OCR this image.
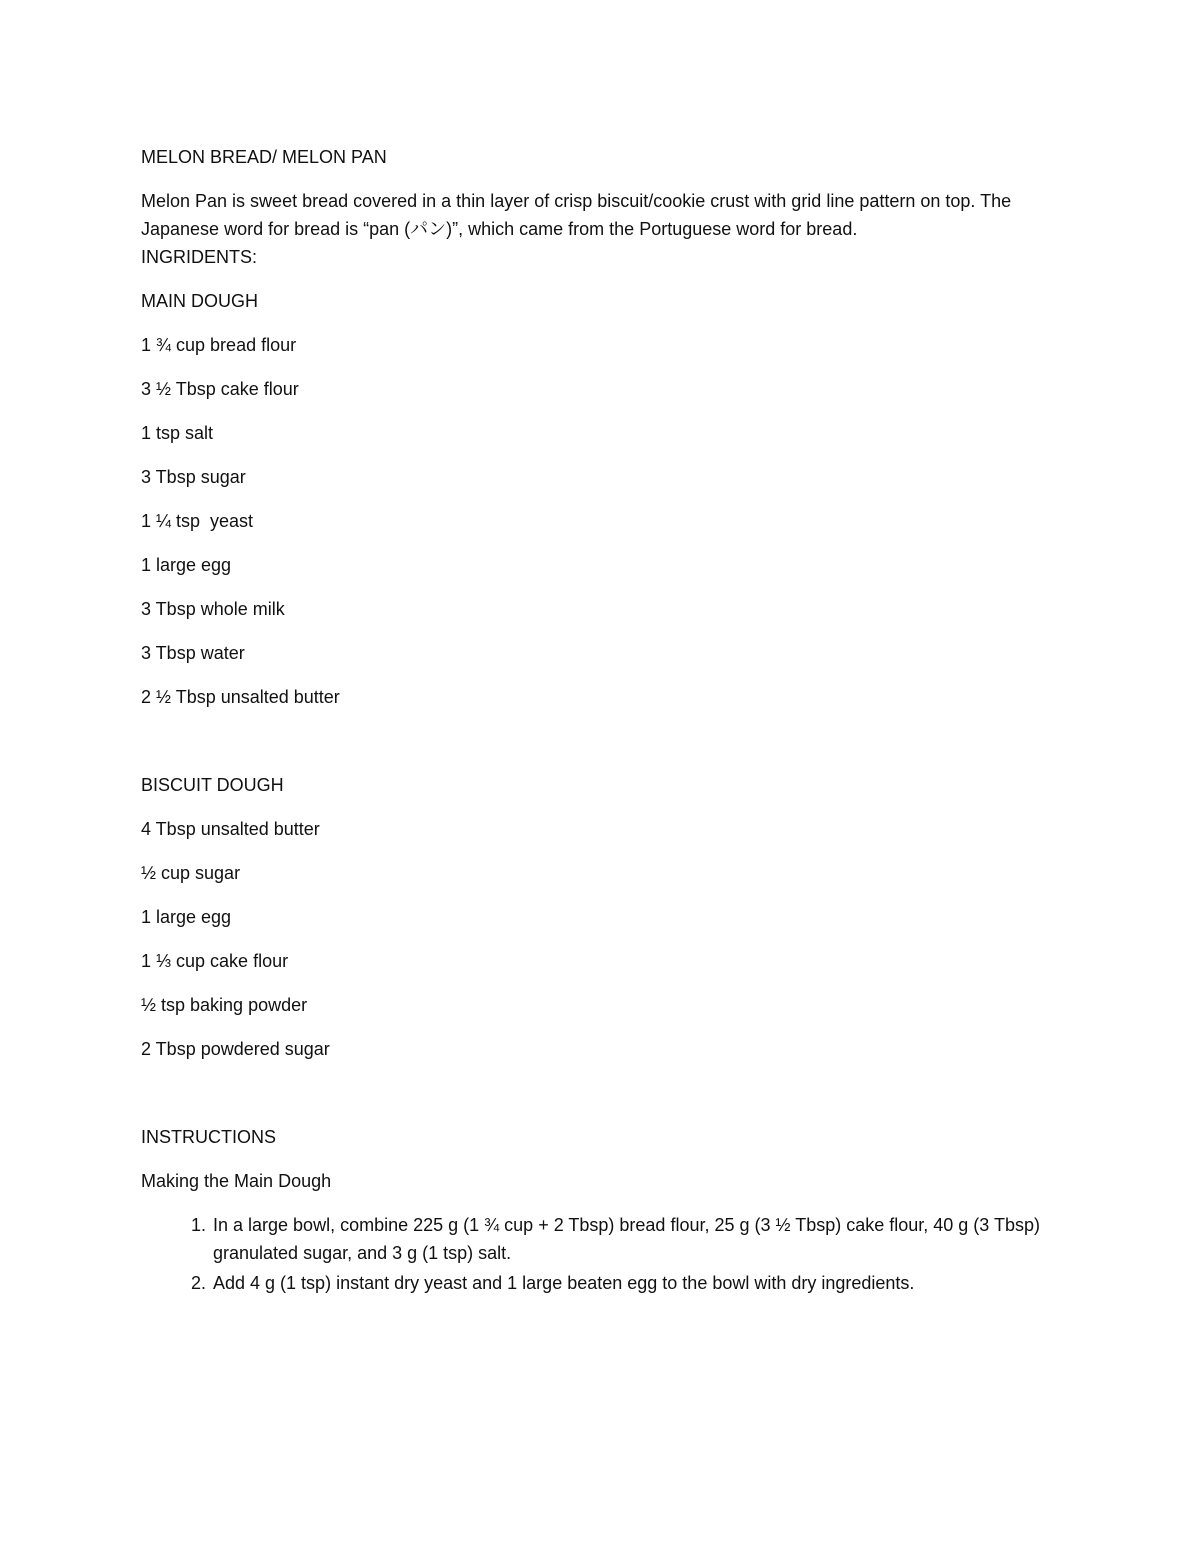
MELON BREAD/ MELON PAN
Melon Pan is sweet bread covered in a thin layer of crisp biscuit/cookie crust with grid line pattern on top. The Japanese word for bread is “pan (パン)”, which came from the Portuguese word for bread.
INGRIDENTS:
MAIN DOUGH
1 ¾ cup bread flour
3 ½ Tbsp cake flour
1 tsp salt
3 Tbsp sugar
1 ¼ tsp  yeast
1 large egg
3 Tbsp whole milk
3 Tbsp water
2 ½ Tbsp unsalted butter
BISCUIT DOUGH
4 Tbsp unsalted butter
½ cup sugar
1 large egg
1 ⅓ cup cake flour
½ tsp baking powder
2 Tbsp powdered sugar
INSTRUCTIONS
Making the Main Dough
1. In a large bowl, combine 225 g (1 ¾ cup + 2 Tbsp) bread flour, 25 g (3 ½ Tbsp) cake flour, 40 g (3 Tbsp) granulated sugar, and 3 g (1 tsp) salt.
2. Add 4 g (1 tsp) instant dry yeast and 1 large beaten egg to the bowl with dry ingredients.
